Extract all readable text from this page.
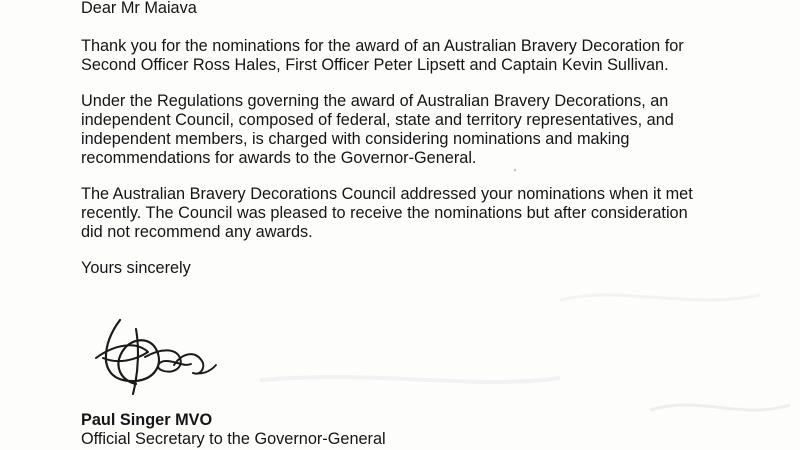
Dear Mr Maiava

Thank you for the nominations for the award of an Australian Bravery Decoration for

Second Officer Ross Hales, First Officer Peter Lipsett and Captain Kevin Sullivan.

Under the Regulations governing the award of Australian Bravery Decorations, an

independent Council, composed of federal, state and territory representatives, and

independent members, is charged with considering nominations and making

recommendations for awards to the Governor-General.

The Australian Bravery Decorations Council addressed your nominations when it met

recently. The Council was pleased to receive the nominations but after consideration

did not recommend any awards.

Yours sincerely

Paul Singer MVO

Official Secretary to the Governor-General
